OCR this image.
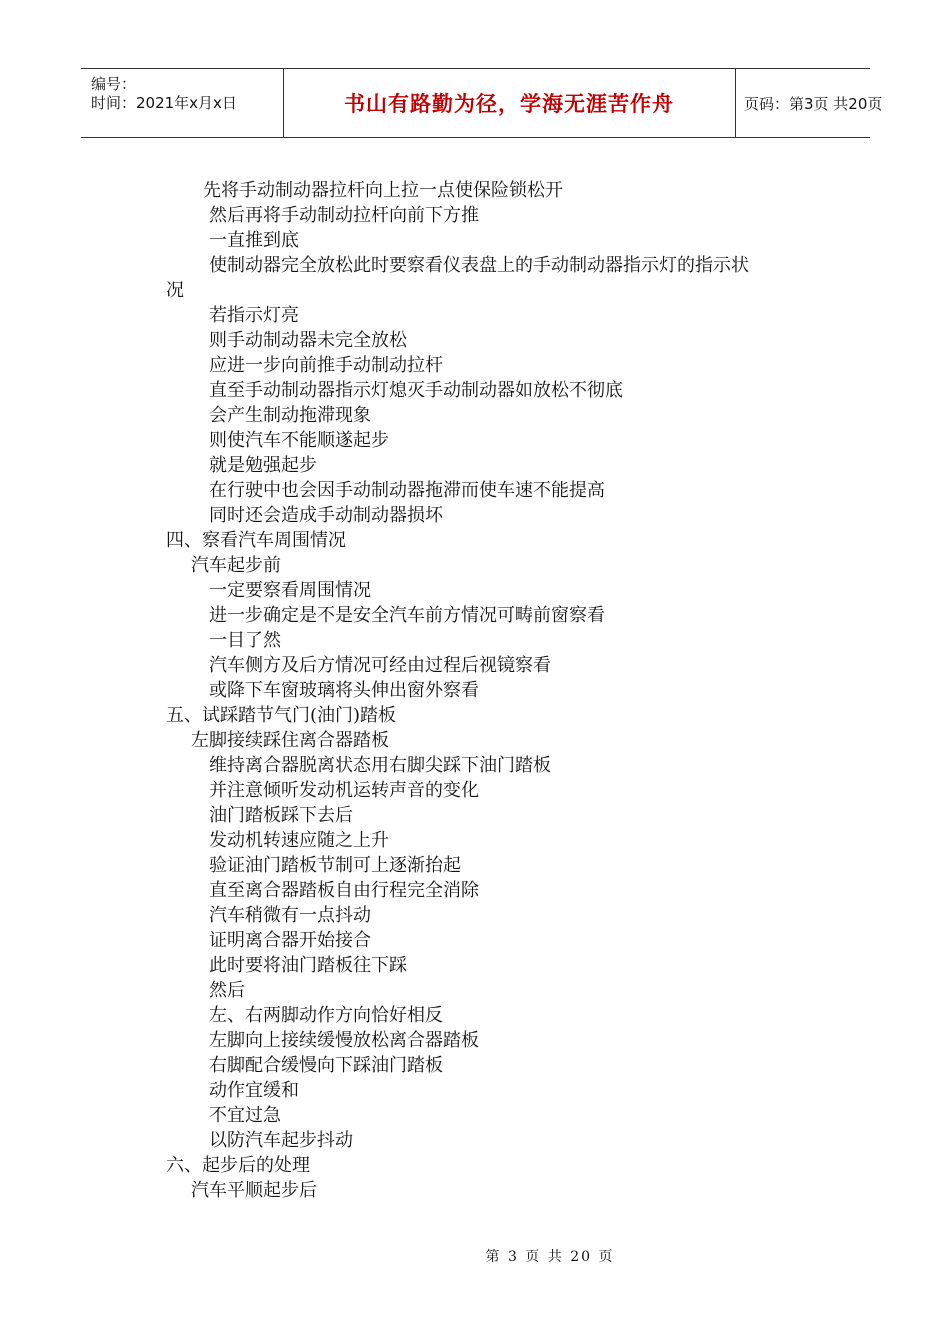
编号：
时间：2021年x月x日	书山有路勤为径，学海无涯苦作舟	页码：第3页 共20页
先将手动制动器拉杆向上拉一点使保险锁松开
然后再将手动制动拉杆向前下方推
一直推到底
使制动器完全放松此时要察看仪表盘上的手动制动器指示灯的指示状
况
若指示灯亮
则手动制动器未完全放松
应进一步向前推手动制动拉杆
直至手动制动器指示灯熄灭手动制动器如放松不彻底
会产生制动拖滞现象
则使汽车不能顺遂起步
就是勉强起步
在行驶中也会因手动制动器拖滞而使车速不能提高
同时还会造成手动制动器损坏
四、察看汽车周围情况
汽车起步前
一定要察看周围情况
进一步确定是不是安全汽车前方情况可畴前窗察看
一目了然
汽车侧方及后方情况可经由过程后视镜察看
或降下车窗玻璃将头伸出窗外察看
五、试踩踏节气门(油门)踏板
左脚接续踩住离合器踏板
维持离合器脱离状态用右脚尖踩下油门踏板
并注意倾听发动机运转声音的变化
油门踏板踩下去后
发动机转速应随之上升
验证油门踏板节制可上逐渐抬起
直至离合器踏板自由行程完全消除
汽车稍微有一点抖动
证明离合器开始接合
此时要将油门踏板往下踩
然后
左、右两脚动作方向恰好相反
左脚向上接续缓慢放松离合器踏板
右脚配合缓慢向下踩油门踏板
动作宜缓和
不宜过急
以防汽车起步抖动
六、起步后的处理
汽车平顺起步后
第 3 页 共 20 页
